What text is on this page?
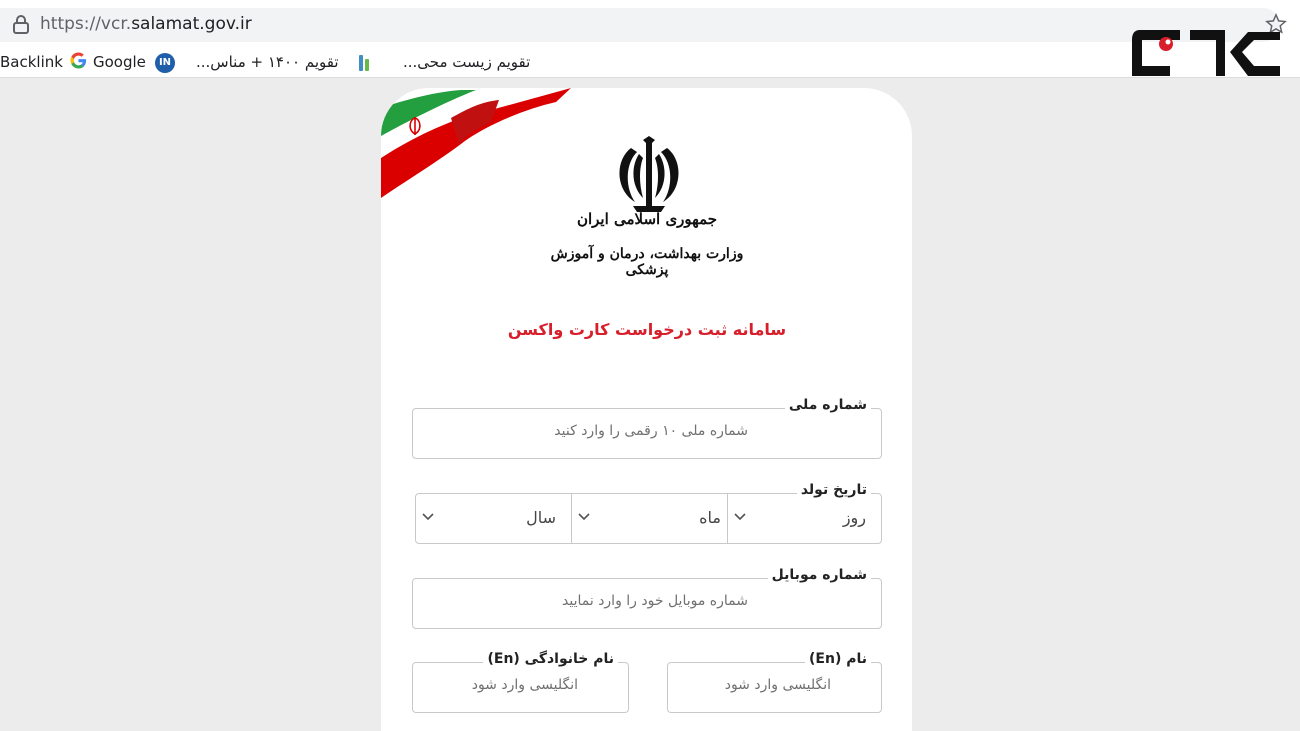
https://vcr.salamat.gov.ir
Backlink Google	تقویم ۱۴۰۰ + مناس...	تقویم زیست محی...
IN
جمهوری اسلامی ایران
وزارت بهداشت، درمان و آموزش پزشکی
سامانه ثبت درخواست کارت واکسن
شماره ملی
شماره ملی ۱۰ رقمی را وارد کنید
تاریخ تولد
روز
ماه
سال
شماره موبایل
شماره موبایل خود را وارد نمایید
نام خانوادگی (En)
انگلیسی وارد شود
نام (En)
انگلیسی وارد شود
